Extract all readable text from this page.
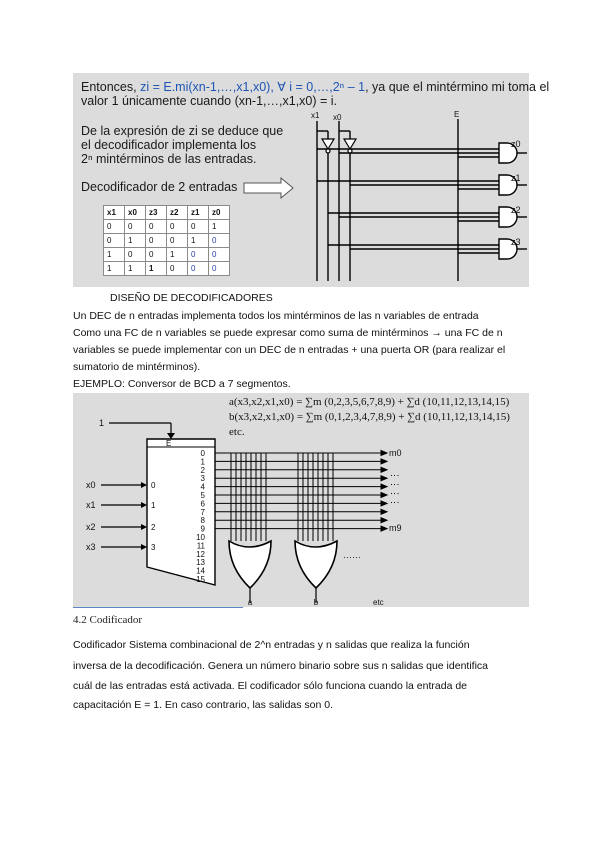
Entonces, zi = E.mi(xn-1,…,x1,x0), ∀ i = 0,…,2ⁿ – 1, ya que el mintérmino mi toma el
valor 1 únicamente cuando (xn-1,…,x1,x0) = i.
De la expresión de zi se deduce que
el decodificador implementa los
2ⁿ mintérminos de las entradas.
Decodificador de 2 entradas
x1	x0	z3	z2	z1	z0
0	0	0	0	0	1
0	1	0	0	1	0
1	0	0	1	0	0
1	1	1	0	0	0
x1 x0	E
z0
z1
z2
z3
DISEÑO DE DECODIFICADORES
Un DEC de n entradas implementa todos los mintérminos de las n variables de entrada
Como una FC de n variables se puede expresar como suma de mintérminos → una FC de n
variables se puede implementar con un DEC de n entradas + una puerta OR (para realizar el
sumatorio de mintérminos).
EJEMPLO: Conversor de BCD a 7 segmentos.
a(x3,x2,x1,x0) = ∑m (0,2,3,5,6,7,8,9) + ∑d (10,11,12,13,14,15)
b(x3,x2,x1,x0) = ∑m (0,1,2,3,4,7,8,9) + ∑d (10,11,12,13,14,15)
etc.
1
E
x0
x1
x2
x3
0
1
2
3
0
1
2
3
4
5
6
7
8
9
10
11
12
13
14
15
m0
m9
⋮⋮⋮⋮
……
a	b	etc
4.2 Codificador
Codificador Sistema combinacional de 2^n entradas y n salidas que realiza la función
inversa de la decodificación. Genera un número binario sobre sus n salidas que identifica
cuál de las entradas está activada. El codificador sólo funciona cuando la entrada de
capacitación E = 1. En caso contrario, las salidas son 0.
